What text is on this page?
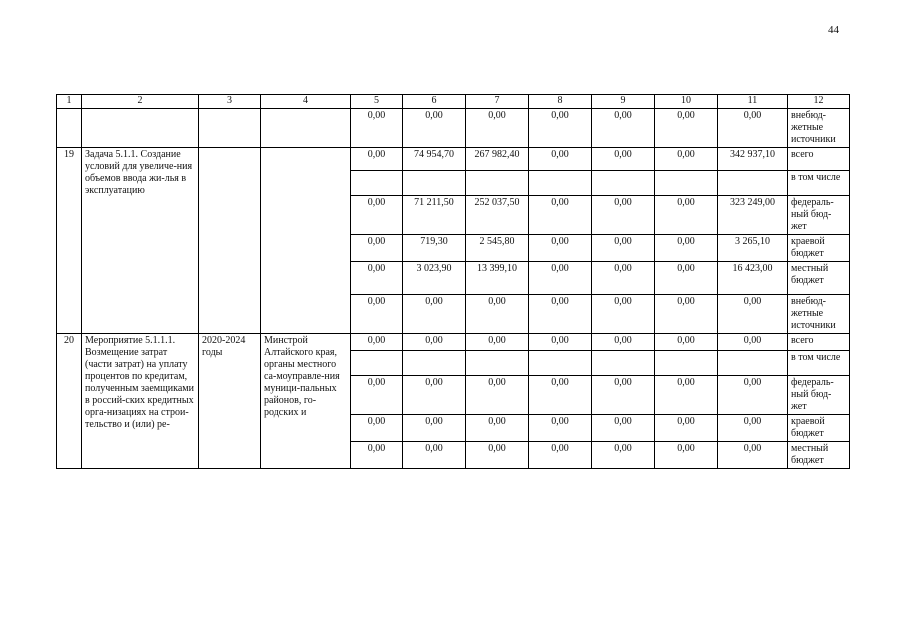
44
1	2	3	4	5	6	7	8	9	10	11	12
				0,00	0,00	0,00	0,00	0,00	0,00	0,00	внебюд-жетные источники
19	Задача 5.1.1. Создание условий для увеличе-ния объемов ввода жи-лья в эксплуатацию			0,00	74 954,70	267 982,40	0,00	0,00	0,00	342 937,10	всего
											в том числе
				0,00	71 211,50	252 037,50	0,00	0,00	0,00	323 249,00	федераль-ный бюд-жет
				0,00	719,30	2 545,80	0,00	0,00	0,00	3 265,10	краевой бюджет
				0,00	3 023,90	13 399,10	0,00	0,00	0,00	16 423,00	местный бюджет
				0,00	0,00	0,00	0,00	0,00	0,00	0,00	внебюд-жетные источники
20	Мероприятие 5.1.1.1. Возмещение затрат (части затрат) на уплату процентов по кредитам, полученным заемщиками в россий-ских кредитных орга-низациях на строи-тельство и (или) ре-	2020-2024 годы	Минстрой Алтайского края, органы местного са-моуправле-ния муници-пальных районов, го-родских и	0,00	0,00	0,00	0,00	0,00	0,00	0,00	всего
											в том числе
				0,00	0,00	0,00	0,00	0,00	0,00	0,00	федераль-ный бюд-жет
				0,00	0,00	0,00	0,00	0,00	0,00	0,00	краевой бюджет
				0,00	0,00	0,00	0,00	0,00	0,00	0,00	местный бюджет
